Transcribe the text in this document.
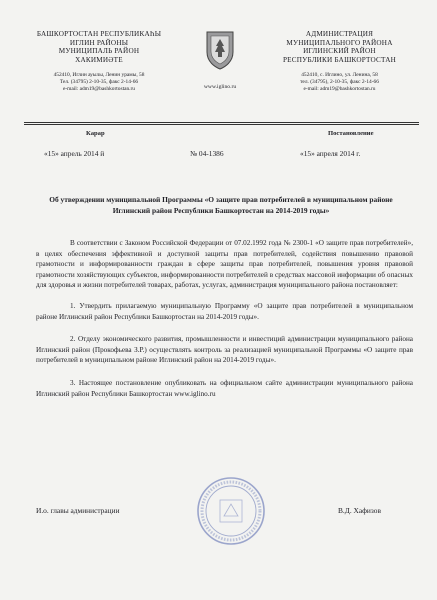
БАШКОРТОСТАН РЕСПУБЛИКАҺЫ
ИГЛИН РАЙОНЫ
МУНИЦИПАЛЬ РАЙОН
ХАКИМИӘТЕ
452410, Иглин ауылы, Ленин урамы, 58
Тел. (34795) 2-10-35, факс 2-14-66
e-mail: adm19@bashkortostan.ru	www.iglino.ru
АДМИНИСТРАЦИЯ
МУНИЦИПАЛЬНОГО РАЙОНА
ИГЛИНСКИЙ РАЙОН
РЕСПУБЛИКИ БАШКОРТОСТАН
452410, с. Иглино, ул. Ленина, 58
тел. (34795), 2-10-35, факс 2-14-66
e-mail: adm19@bashkortostan.ru
Карар	Постановление
«15» апрель 2014 й	№ 04-1386	«15» апреля 2014 г.
Об утверждении муниципальной Программы «О защите прав потребителей в муниципальном районе Иглинский район Республики Башкортостан на 2014-2019 годы»

В соответствии с Законом Российской Федерации от 07.02.1992 года № 2300-1 «О защите прав потребителей», в целях обеспечения эффективной и доступной защиты прав потребителей, содействия повышению правовой грамотности и информированности граждан в сфере защиты прав потребителей, повышения уровня правовой грамотности хозяйствующих субъектов, информированности потребителей в средствах массовой информации об опасных для здоровья и жизни потребителей товарах, работах, услугах, администрация муниципального района постановляет:

1. Утвердить прилагаемую муниципальную Программу «О защите прав потребителей в муниципальном районе Иглинский район Республики Башкортостан на 2014-2019 годы».

2. Отделу экономического развития, промышленности и инвестиций администрации муниципального района Иглинский район (Прокофьева З.Р.) осуществлять контроль за реализацией муниципальной Программы «О защите прав потребителей в муниципальном районе Иглинский район на 2014-2019 годы».

3. Настоящее постановление опубликовать на официальном сайте администрации муниципального района Иглинский район Республики Башкортостан www.iglino.ru

И.о. главы администрации	В.Д. Хафизов
